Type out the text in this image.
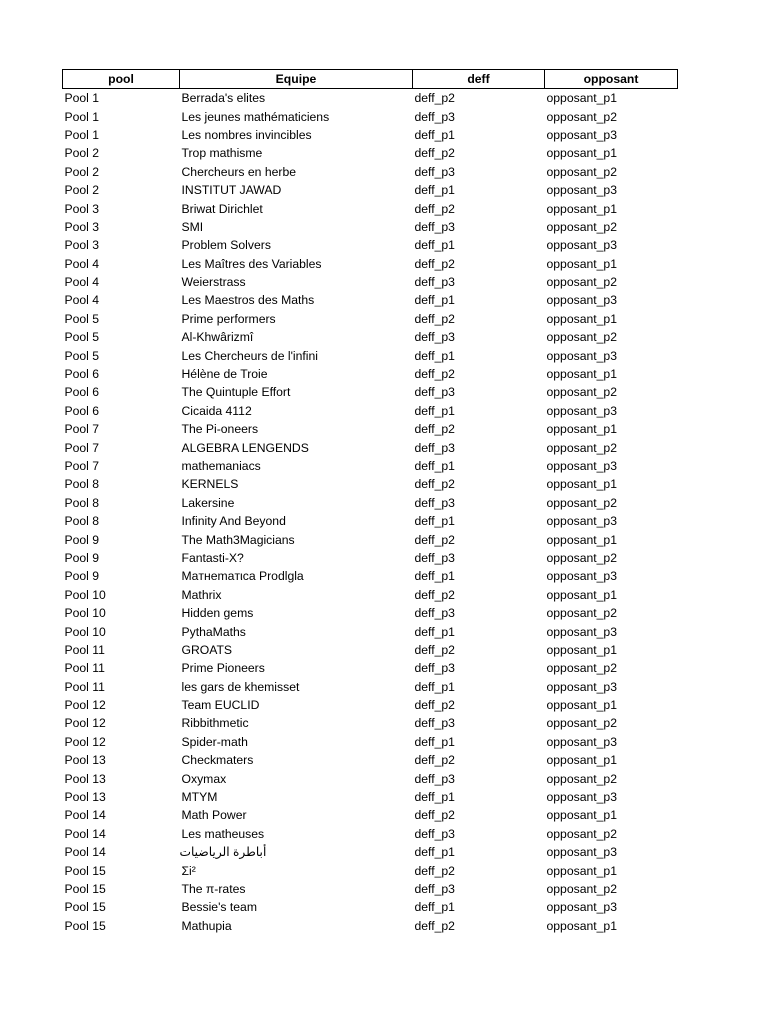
pool	Equipe	deff	opposant
Pool 1	Berrada's elites	deff_p2	opposant_p1
Pool 1	Les jeunes mathématiciens	deff_p3	opposant_p2
Pool 1	Les nombres invincibles	deff_p1	opposant_p3
Pool 2	Trop mathisme	deff_p2	opposant_p1
Pool 2	Chercheurs en herbe	deff_p3	opposant_p2
Pool 2	INSTITUT JAWAD	deff_p1	opposant_p3
Pool 3	Briwat Dirichlet	deff_p2	opposant_p1
Pool 3	SMI	deff_p3	opposant_p2
Pool 3	Problem Solvers	deff_p1	opposant_p3
Pool 4	Les Maîtres des Variables	deff_p2	opposant_p1
Pool 4	Weierstrass	deff_p3	opposant_p2
Pool 4	Les Maestros des Maths	deff_p1	opposant_p3
Pool 5	Prime performers	deff_p2	opposant_p1
Pool 5	Al-Khwârizmî	deff_p3	opposant_p2
Pool 5	Les Chercheurs de l'infini	deff_p1	opposant_p3
Pool 6	Hélène de Troie	deff_p2	opposant_p1
Pool 6	The Quintuple Effort	deff_p3	opposant_p2
Pool 6	Cicaida 4112	deff_p1	opposant_p3
Pool 7	The Pi-oneers	deff_p2	opposant_p1
Pool 7	ALGEBRA LENGENDS	deff_p3	opposant_p2
Pool 7	mathemaniacs	deff_p1	opposant_p3
Pool 8	KERNELS	deff_p2	opposant_p1
Pool 8	Lakersine	deff_p3	opposant_p2
Pool 8	Infinity And Beyond	deff_p1	opposant_p3
Pool 9	The Math3Magicians	deff_p2	opposant_p1
Pool 9	Fantasti-X?	deff_p3	opposant_p2
Pool 9	Maтнemaтιca Prodlgla	deff_p1	opposant_p3
Pool 10	Mathrix	deff_p2	opposant_p1
Pool 10	Hidden gems	deff_p3	opposant_p2
Pool 10	PythaMaths	deff_p1	opposant_p3
Pool 11	GROATS	deff_p2	opposant_p1
Pool 11	Prime Pioneers	deff_p3	opposant_p2
Pool 11	les gars de khemisset	deff_p1	opposant_p3
Pool 12	Team EUCLID	deff_p2	opposant_p1
Pool 12	Ribbithmetic	deff_p3	opposant_p2
Pool 12	Spider-math	deff_p1	opposant_p3
Pool 13	Checkmaters	deff_p2	opposant_p1
Pool 13	Oxymax	deff_p3	opposant_p2
Pool 13	MTYM	deff_p1	opposant_p3
Pool 14	Math Power	deff_p2	opposant_p1
Pool 14	Les matheuses	deff_p3	opposant_p2
Pool 14	أباطرة الرياضيات	deff_p1	opposant_p3
Pool 15	Σi²	deff_p2	opposant_p1
Pool 15	The π-rates	deff_p3	opposant_p2
Pool 15	Bessie's team	deff_p1	opposant_p3
Pool 15	Mathupia	deff_p2	opposant_p1
